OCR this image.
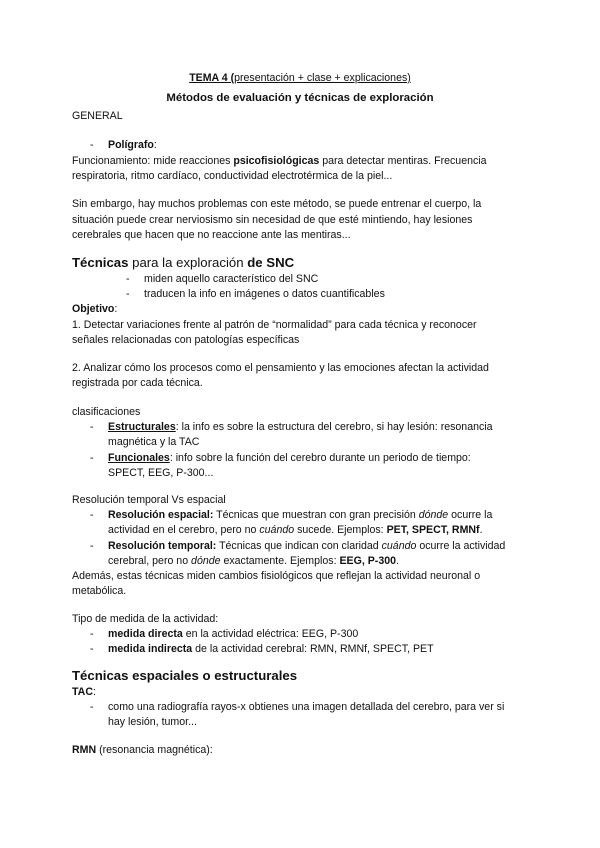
TEMA 4 (presentación + clase + explicaciones)
Métodos de evaluación y técnicas de exploración
GENERAL
- Polígrafo:
Funcionamiento: mide reacciones psicofisiológicas para detectar mentiras. Frecuencia
respiratoria, ritmo cardíaco, conductividad electrotérmica de la piel...
Sin embargo, hay muchos problemas con este método, se puede entrenar el cuerpo, la
situación puede crear nerviosismo sin necesidad de que esté mintiendo, hay lesiones
cerebrales que hacen que no reaccione ante las mentiras...
Técnicas para la exploración de SNC
- miden aquello característico del SNC
- traducen la info en imágenes o datos cuantificables
Objetivo:
1. Detectar variaciones frente al patrón de “normalidad” para cada técnica y reconocer
señales relacionadas con patologías específicas
2. Analizar cómo los procesos como el pensamiento y las emociones afectan la actividad
registrada por cada técnica.
clasificaciones
- Estructurales: la info es sobre la estructura del cerebro, si hay lesión: resonancia
magnética y la TAC
- Funcionales: info sobre la función del cerebro durante un periodo de tiempo:
SPECT, EEG, P-300...
Resolución temporal Vs espacial
- Resolución espacial: Técnicas que muestran con gran precisión dónde ocurre la
actividad en el cerebro, pero no cuándo sucede. Ejemplos: PET, SPECT, RMNf.
- Resolución temporal: Técnicas que indican con claridad cuándo ocurre la actividad
cerebral, pero no dónde exactamente. Ejemplos: EEG, P-300.
Además, estas técnicas miden cambios fisiológicos que reflejan la actividad neuronal o
metabólica.
Tipo de medida de la actividad:
- medida directa en la actividad eléctrica: EEG, P-300
- medida indirecta de la actividad cerebral: RMN, RMNf, SPECT, PET
Técnicas espaciales o estructurales
TAC:
- como una radiografía rayos-x obtienes una imagen detallada del cerebro, para ver si
hay lesión, tumor...
RMN (resonancia magnética):
